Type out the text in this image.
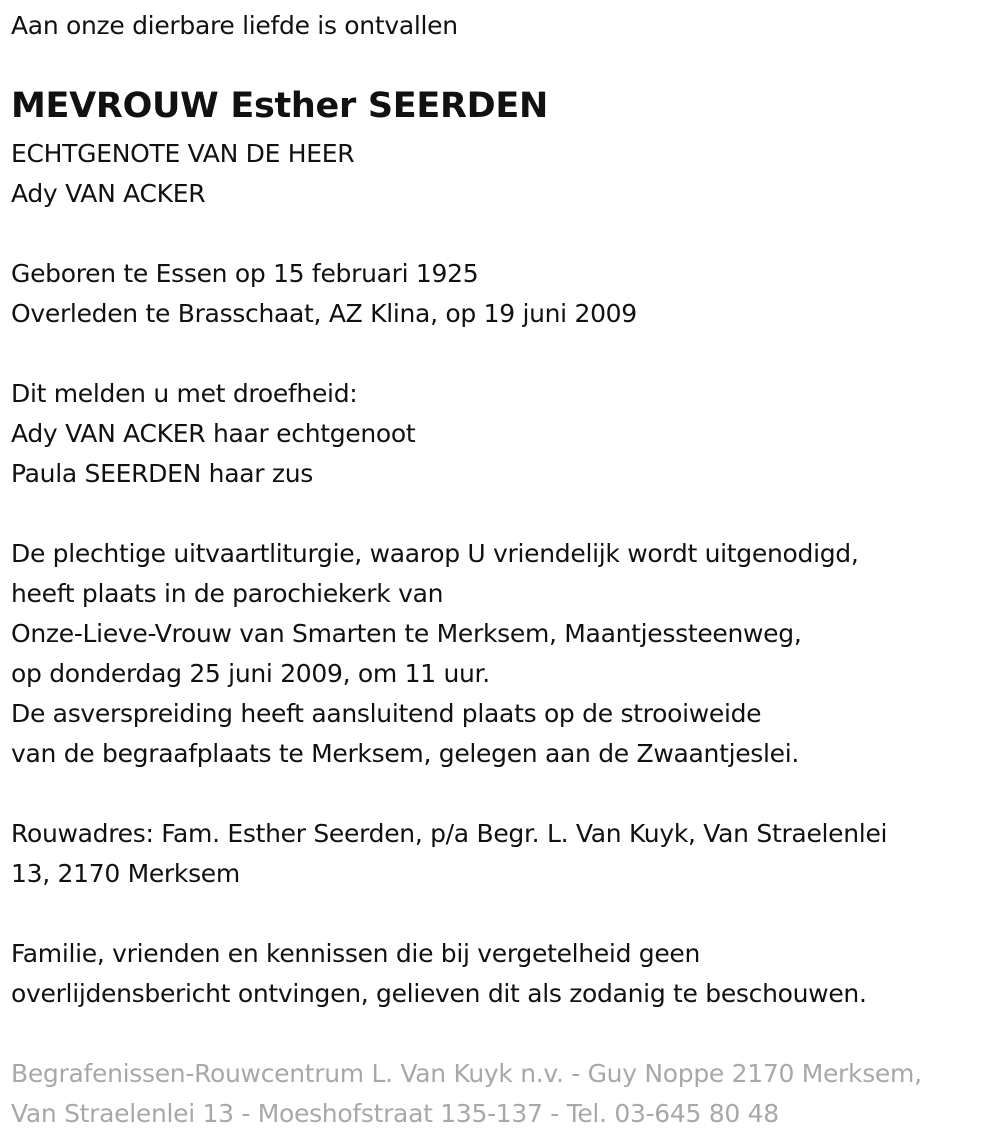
Aan onze dierbare liefde is ontvallen
MEVROUW Esther SEERDEN
ECHTGENOTE VAN DE HEER
Ady VAN ACKER
Geboren te Essen op 15 februari 1925
Overleden te Brasschaat, AZ Klina, op 19 juni 2009
Dit melden u met droefheid:
Ady VAN ACKER haar echtgenoot
Paula SEERDEN haar zus
De plechtige uitvaartliturgie, waarop U vriendelijk wordt uitgenodigd,
heeft plaats in de parochiekerk van
Onze-Lieve-Vrouw van Smarten te Merksem, Maantjessteenweg,
op donderdag 25 juni 2009, om 11 uur.
De asverspreiding heeft aansluitend plaats op de strooiweide
van de begraafplaats te Merksem, gelegen aan de Zwaantjeslei.
Rouwadres: Fam. Esther Seerden, p/a Begr. L. Van Kuyk, Van Straelenlei
13, 2170 Merksem
Familie, vrienden en kennissen die bij vergetelheid geen
overlijdensbericht ontvingen, gelieven dit als zodanig te beschouwen.
Begrafenissen-Rouwcentrum L. Van Kuyk n.v. - Guy Noppe 2170 Merksem,
Van Straelenlei 13 - Moeshofstraat 135-137 - Tel. 03-645 80 48
